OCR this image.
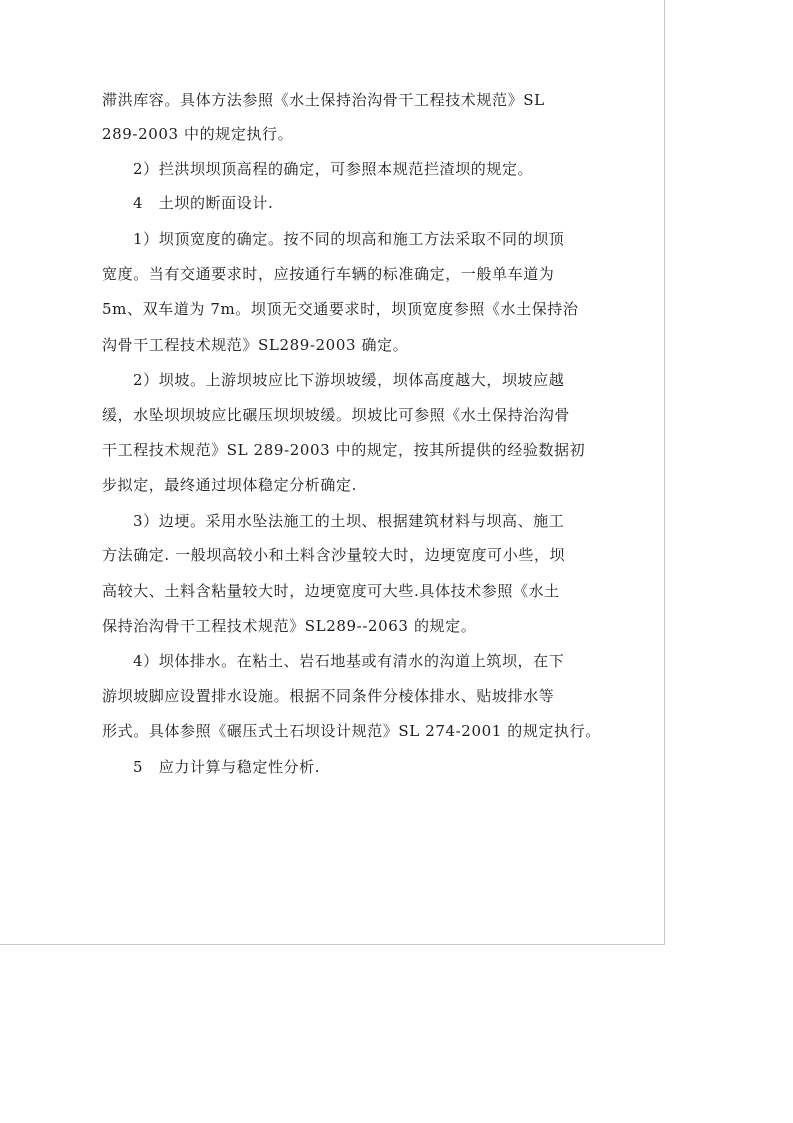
滞洪库容。具体方法参照《水土保持治沟骨干工程技术规范》SL
289-2003 中的规定执行。
2）拦洪坝坝顶高程的确定，可参照本规范拦渣坝的规定。
4　土坝的断面设计.
1）坝顶宽度的确定。按不同的坝高和施工方法采取不同的坝顶
宽度。当有交通要求时，应按通行车辆的标准确定，一般单车道为
5m、双车道为 7m。坝顶无交通要求时，坝顶宽度参照《水土保持治
沟骨干工程技术规范》SL289-2003 确定。
2）坝坡。上游坝坡应比下游坝坡缓，坝体高度越大，坝坡应越
缓，水坠坝坝坡应比碾压坝坝坡缓。坝坡比可参照《水土保持治沟骨
干工程技术规范》SL 289-2003 中的规定，按其所提供的经验数据初
步拟定，最终通过坝体稳定分析确定.
3）边埂。采用水坠法施工的土坝、根据建筑材料与坝高、施工
方法确定. 一般坝高较小和土料含沙量较大时，边埂宽度可小些，坝
高较大、土料含粘量较大时，边埂宽度可大些.具体技术参照《水土
保持治沟骨干工程技术规范》SL289--2063 的规定。
4）坝体排水。在粘土、岩石地基或有清水的沟道上筑坝，在下
游坝坡脚应设置排水设施。根据不同条件分棱体排水、贴坡排水等
形式。具体参照《碾压式土石坝设计规范》SL 274-2001 的规定执行。
5　应力计算与稳定性分析.
